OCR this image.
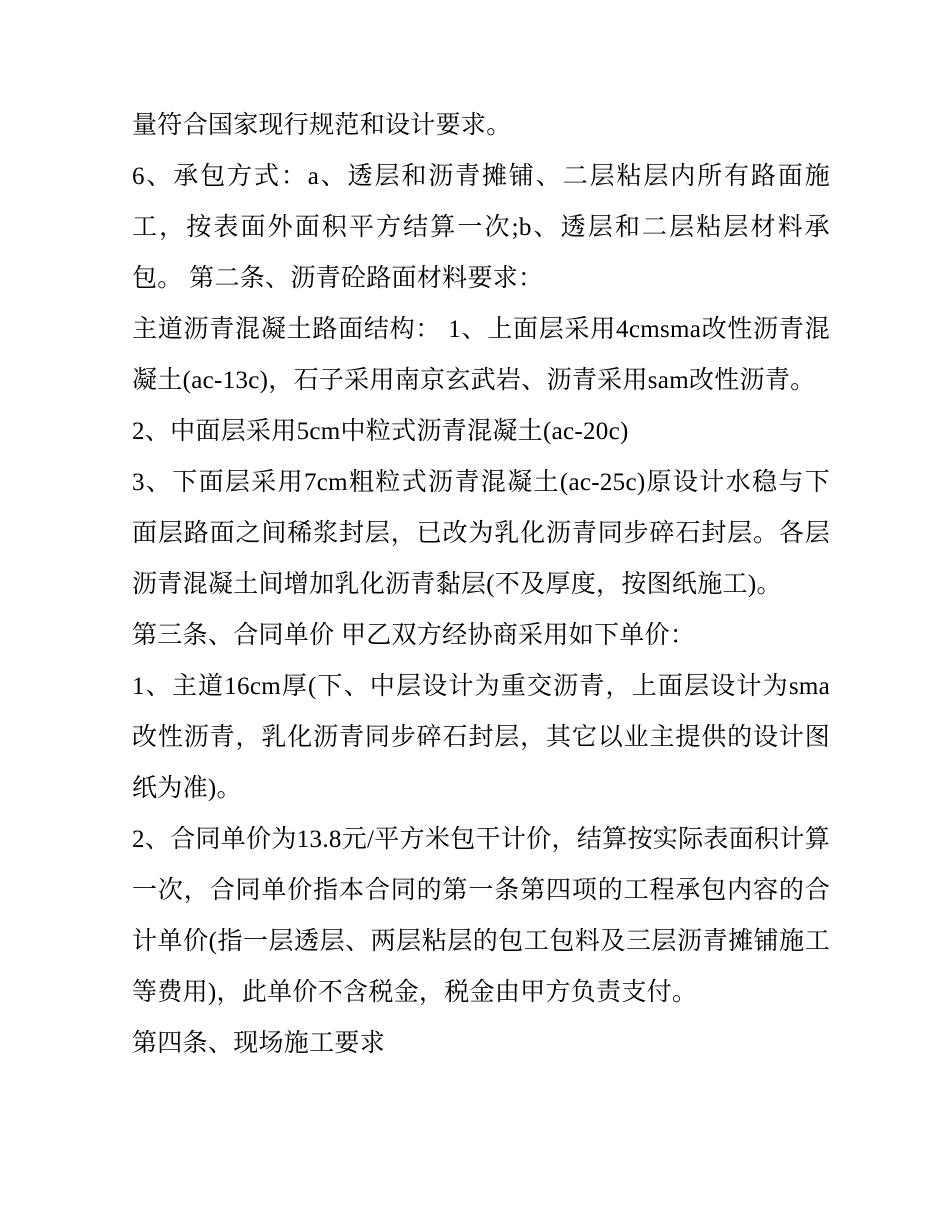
量符合国家现行规范和设计要求。

6、承包方式：a、透层和沥青摊铺、二层粘层内所有路面施工，按表面外面积平方结算一次;b、透层和二层粘层材料承包。 第二条、沥青砼路面材料要求：

主道沥青混凝土路面结构： 1、上面层采用4cmsma改性沥青混凝土(ac-13c)，石子采用南京玄武岩、沥青采用sam改性沥青。

2、中面层采用5cm中粒式沥青混凝土(ac-20c)

3、下面层采用7cm粗粒式沥青混凝土(ac-25c)原设计水稳与下面层路面之间稀浆封层，已改为乳化沥青同步碎石封层。各层沥青混凝土间增加乳化沥青黏层(不及厚度，按图纸施工)。

第三条、合同单价 甲乙双方经协商采用如下单价：

1、主道16cm厚(下、中层设计为重交沥青，上面层设计为sma改性沥青，乳化沥青同步碎石封层，其它以业主提供的设计图纸为准)。

2、合同单价为13.8元/平方米包干计价，结算按实际表面积计算一次，合同单价指本合同的第一条第四项的工程承包内容的合计单价(指一层透层、两层粘层的包工包料及三层沥青摊铺施工等费用)，此单价不含税金，税金由甲方负责支付。

第四条、现场施工要求
